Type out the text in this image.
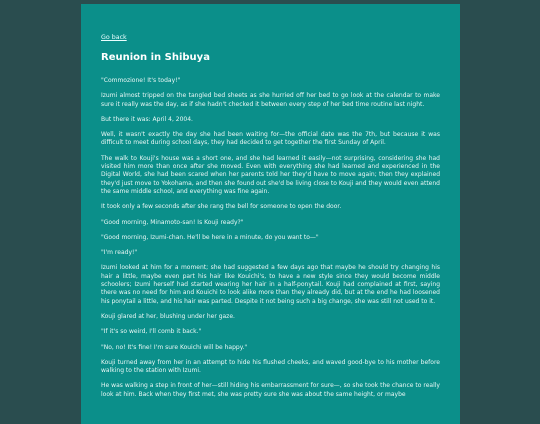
Go back
Reunion in Shibuya

"Commozione! It's today!"

Izumi almost tripped on the tangled bed sheets as she hurried off her bed to go look at the calendar to make sure it really was the day, as if she hadn't checked it between every step of her bed time routine last night.

But there it was: April 4, 2004.

Well, it wasn't exactly the day she had been waiting for—the official date was the 7th, but because it was difficult to meet during school days, they had decided to get together the first Sunday of April.

The walk to Kouji's house was a short one, and she had learned it easily—not surprising, considering she had visited him more than once after she moved. Even with everything she had learned and experienced in the Digital World, she had been scared when her parents told her they'd have to move again; then they explained they'd just move to Yokohama, and then she found out she'd be living close to Kouji and they would even attend the same middle school, and everything was fine again.

It took only a few seconds after she rang the bell for someone to open the door.

"Good morning, Minamoto-san! Is Kouji ready?"

"Good morning, Izumi-chan. He'll be here in a minute, do you want to—"

"I'm ready!"

Izumi looked at him for a moment; she had suggested a few days ago that maybe he should try changing his hair a little, maybe even part his hair like Kouichi's, to have a new style since they would become middle schoolers; Izumi herself had started wearing her hair in a half-ponytail. Kouji had complained at first, saying there was no need for him and Kouichi to look alike more than they already did, but at the end he had loosened his ponytail a little, and his hair was parted. Despite it not being such a big change, she was still not used to it.

Kouji glared at her, blushing under her gaze.

"If it's so weird, I'll comb it back."

"No, no! It's fine! I'm sure Kouichi will be happy."

Kouji turned away from her in an attempt to hide his flushed cheeks, and waved good-bye to his mother before walking to the station with Izumi.

He was walking a step in front of her—still hiding his embarrassment for sure—, so she took the chance to really look at him. Back when they first met, she was pretty sure she was about the same height, or maybe
